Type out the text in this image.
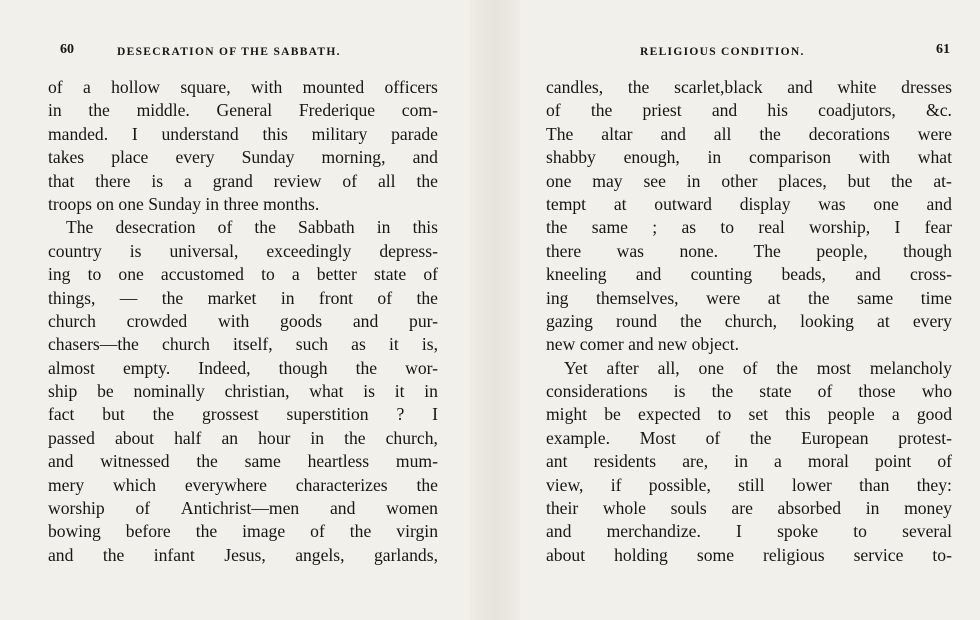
60	DESECRATION OF THE SABBATH.
of a hollow square, with mounted officers
in the middle. General Frederique com-
manded. I understand this military parade
takes place every Sunday morning, and
that there is a grand review of all the
troops
on
one
Sunday
in
three
months.

The desecration of the Sabbath in this
country is universal, exceedingly depress-
ing to one accustomed to a better state of
things, — the market in front of the
church crowded with goods and pur-
chasers—the church itself, such as it is,
almost empty. Indeed, though the wor-
ship be nominally christian, what is it in
fact but the grossest superstition ? I
passed about half an hour in the church,
and witnessed the same heartless mum-
mery which everywhere characterizes the
worship of Antichrist—men and women
bowing before the image of the virgin
and the infant Jesus, angels, garlands,
RELIGIOUS CONDITION.	61
candles, the scarlet,black and white dresses
of the priest and his coadjutors, &c.
The altar and all the decorations were
shabby enough, in comparison with what
one may see in other places, but the at-
tempt at outward display was one and
the same ; as to real worship, I fear
there was none. The people, though
kneeling and counting beads, and cross-
ing themselves, were at the same time
gazing round the church, looking at every
new
comer
and
new
object.

Yet after all, one of the most melancholy
considerations is the state of those who
might be expected to set this people a good
example. Most of the European protest-
ant residents are, in a moral point of
view, if possible, still lower than they:
their whole souls are absorbed in money
and merchandize. I spoke to several
about holding some religious service to-
